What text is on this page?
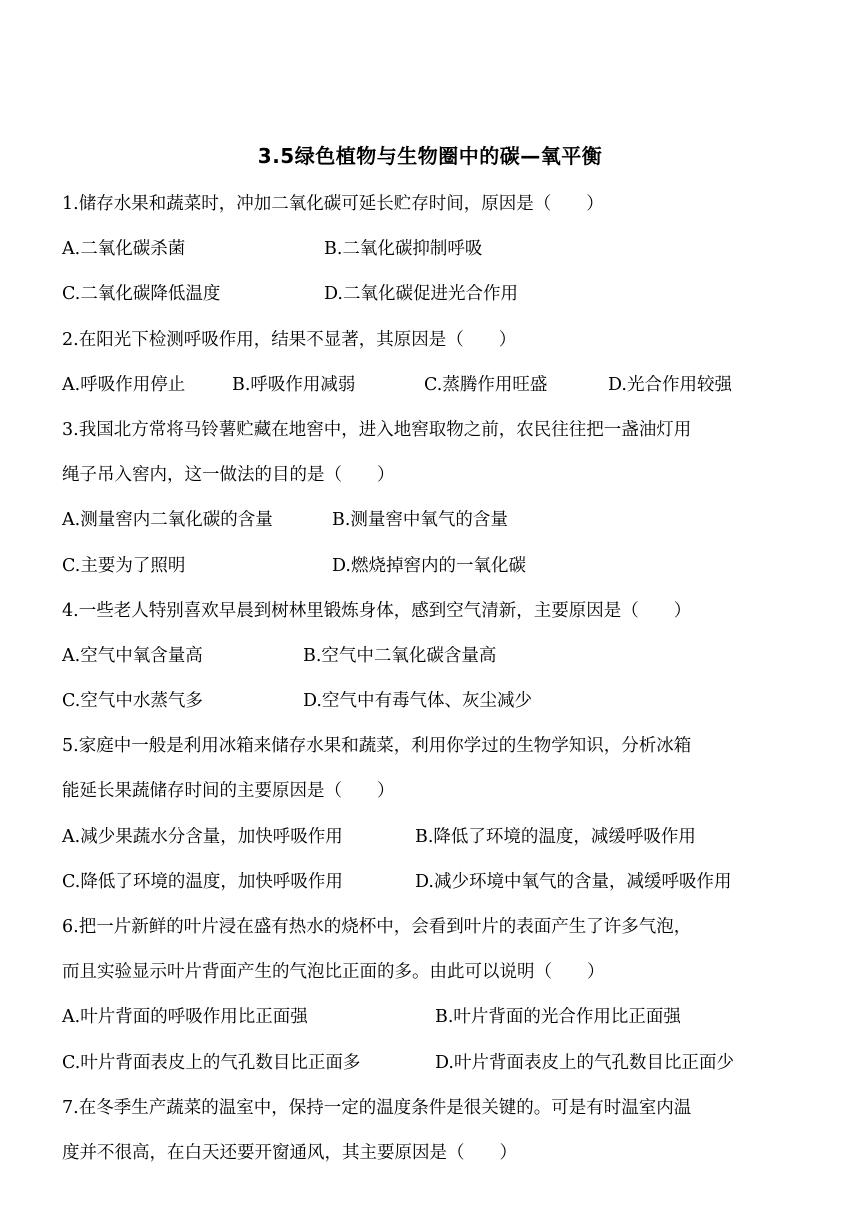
3.5绿色植物与生物圈中的碳—氧平衡
1.储存水果和蔬菜时，冲加二氧化碳可延长贮存时间，原因是（　　）
A.二氧化碳杀菌	B.二氧化碳抑制呼吸
C.二氧化碳降低温度	D.二氧化碳促进光合作用
2.在阳光下检测呼吸作用，结果不显著，其原因是（　　）
A.呼吸作用停止	B.呼吸作用减弱	C.蒸腾作用旺盛	D.光合作用较强
3.我国北方常将马铃薯贮藏在地窖中，进入地窖取物之前，农民往往把一盏油灯用
绳子吊入窖内，这一做法的目的是（　　）
A.测量窖内二氧化碳的含量	B.测量窖中氧气的含量
C.主要为了照明	D.燃烧掉窖内的一氧化碳
4.一些老人特别喜欢早晨到树林里锻炼身体，感到空气清新，主要原因是（　　）
A.空气中氧含量高	B.空气中二氧化碳含量高
C.空气中水蒸气多	D.空气中有毒气体、灰尘减少
5.家庭中一般是利用冰箱来储存水果和蔬菜，利用你学过的生物学知识，分析冰箱
能延长果蔬储存时间的主要原因是（　　）
A.减少果蔬水分含量，加快呼吸作用	B.降低了环境的温度，减缓呼吸作用
C.降低了环境的温度，加快呼吸作用	D.减少环境中氧气的含量，减缓呼吸作用
6.把一片新鲜的叶片浸在盛有热水的烧杯中，会看到叶片的表面产生了许多气泡，
而且实验显示叶片背面产生的气泡比正面的多。由此可以说明（　　）
A.叶片背面的呼吸作用比正面强	B.叶片背面的光合作用比正面强
C.叶片背面表皮上的气孔数目比正面多	D.叶片背面表皮上的气孔数目比正面少
7.在冬季生产蔬菜的温室中，保持一定的温度条件是很关键的。可是有时温室内温
度并不很高，在白天还要开窗通风，其主要原因是（　　）
